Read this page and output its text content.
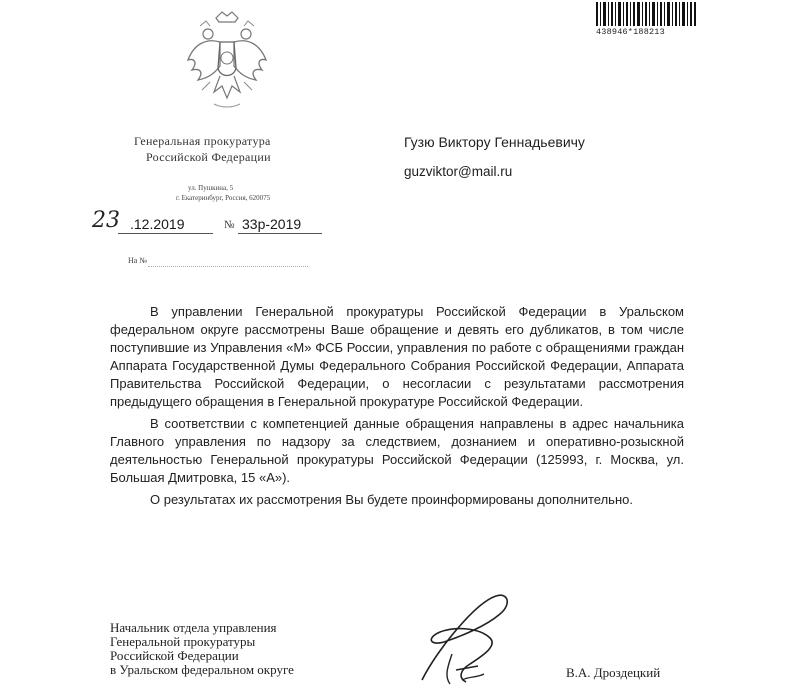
438946*188213
Генеральная прокуратура
Российской Федерации
ул. Пушкина, 5
г. Екатеринбург, Россия, 620075
Гузю Виктору Геннадьевичу
guzviktor@mail.ru
23 .12.2019	№ 33р-2019
На №

В управлении Генеральной прокуратуры Российской Федерации в Уральском федеральном округе рассмотрены Ваше обращение и девять его дубликатов, в том числе поступившие из Управления «М» ФСБ России, управления по работе с обращениями граждан Аппарата Государственной Думы Федерального Собрания Российской Федерации, Аппарата Правительства Российской Федерации, о несогласии с результатами рассмотрения предыдущего обращения в Генеральной прокуратуре Российской Федерации.

В соответствии с компетенцией данные обращения направлены в адрес начальника Главного управления по надзору за следствием, дознанием и оперативно-розыскной деятельностью Генеральной прокуратуры Российской Федерации (125993, г. Москва, ул. Большая Дмитровка, 15 «А»).

О результатах их рассмотрения Вы будете проинформированы дополнительно.

Начальник отдела управления
Генеральной прокуратуры
Российской Федерации
в Уральском федеральном округе	В.А. Дроздецкий
